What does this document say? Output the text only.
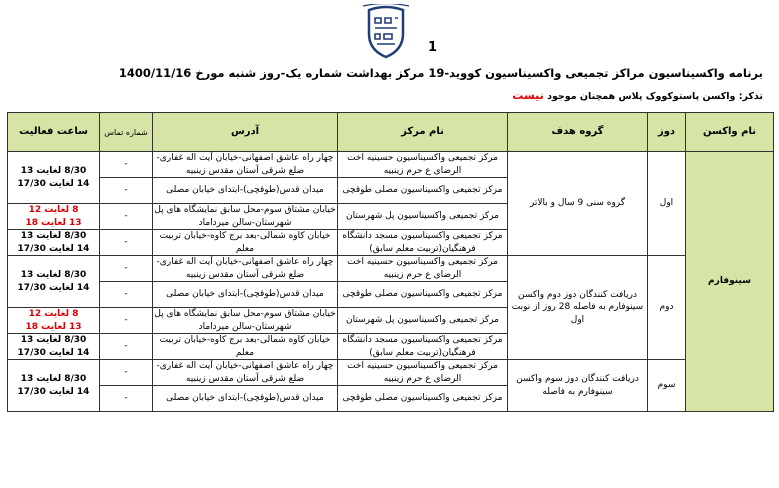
1
برنامه واکسیناسیون مراکز تجمیعی واکسیناسیون کووید-19 مرکز بهداشت شماره یک-روز شنبه مورخ 1400/11/16
تذکر: واکسن پاستوکووک پلاس همچنان موجود نیست
نام واکسن	دوز	گروه هدف	نام مرکز	آدرس	شماره تماس	ساعت فعالیت
سینوفارم	اول	گروه سنی 9 سال و بالاتر	مرکز تجمیعی واکسیناسیون حسینیه اخت الرضای ع حرم زینبیه	چهار راه عاشق اصفهانی-خیابان آیت اله غفاری-ضلع شرقی آستان مقدس زینبیه	-	8/30 لغایت 13
14 لغایت 17/30

			مرکز تجمیعی واکسیناسیون مصلی طوقچی	میدان قدس(طوقچی)-ابتدای خیابان مصلی	-	
			مرکز تجمیعی واکسیناسیون پل شهرستان	خیابان مشتاق سوم-محل سابق نمایشگاه های پل شهرستان-سالن میرداماد	-	8 لغایت 12
13 لغایت 18

			مرکز تجمیعی واکسیناسیون مسجد دانشگاه فرهنگیان(تربیت معلم سابق)	خیابان کاوه شمالی-بعد برج کاوه-خیابان تربیت معلم	-	8/30 لغایت 13
14 لغایت 17/30

	دوم	دریافت کنندگان دوز دوم واکسن سینوفارم به فاصله 28 روز از نوبت اول	مرکز تجمیعی واکسیناسیون حسینیه اخت الرضای ع حرم زینبیه	چهار راه عاشق اصفهانی-خیابان آیت اله غفاری-ضلع شرقی آستان مقدس زینبیه	-	8/30 لغایت 13
14 لغایت 17/30

			مرکز تجمیعی واکسیناسیون مصلی طوقچی	میدان قدس(طوقچی)-ابتدای خیابان مصلی	-	
			مرکز تجمیعی واکسیناسیون پل شهرستان	خیابان مشتاق سوم-محل سابق نمایشگاه های پل شهرستان-سالن میرداماد	-	8 لغایت 12
13 لغایت 18

			مرکز تجمیعی واکسیناسیون مسجد دانشگاه فرهنگیان(تربیت معلم سابق)	خیابان کاوه شمالی-بعد برج کاوه-خیابان تربیت معلم	-	8/30 لغایت 13
14 لغایت 17/30

	سوم	دریافت کنندگان دوز سوم واکسن سینوفارم به فاصله	مرکز تجمیعی واکسیناسیون حسینیه اخت الرضای ع حرم زینبیه	چهار راه عاشق اصفهانی-خیابان آیت اله غفاری-ضلع شرقی آستان مقدس زینبیه	-	8/30 لغایت 13
14 لغایت 17/30

			مرکز تجمیعی واکسیناسیون مصلی طوقچی	میدان قدس(طوقچی)-ابتدای خیابان مصلی	-	
